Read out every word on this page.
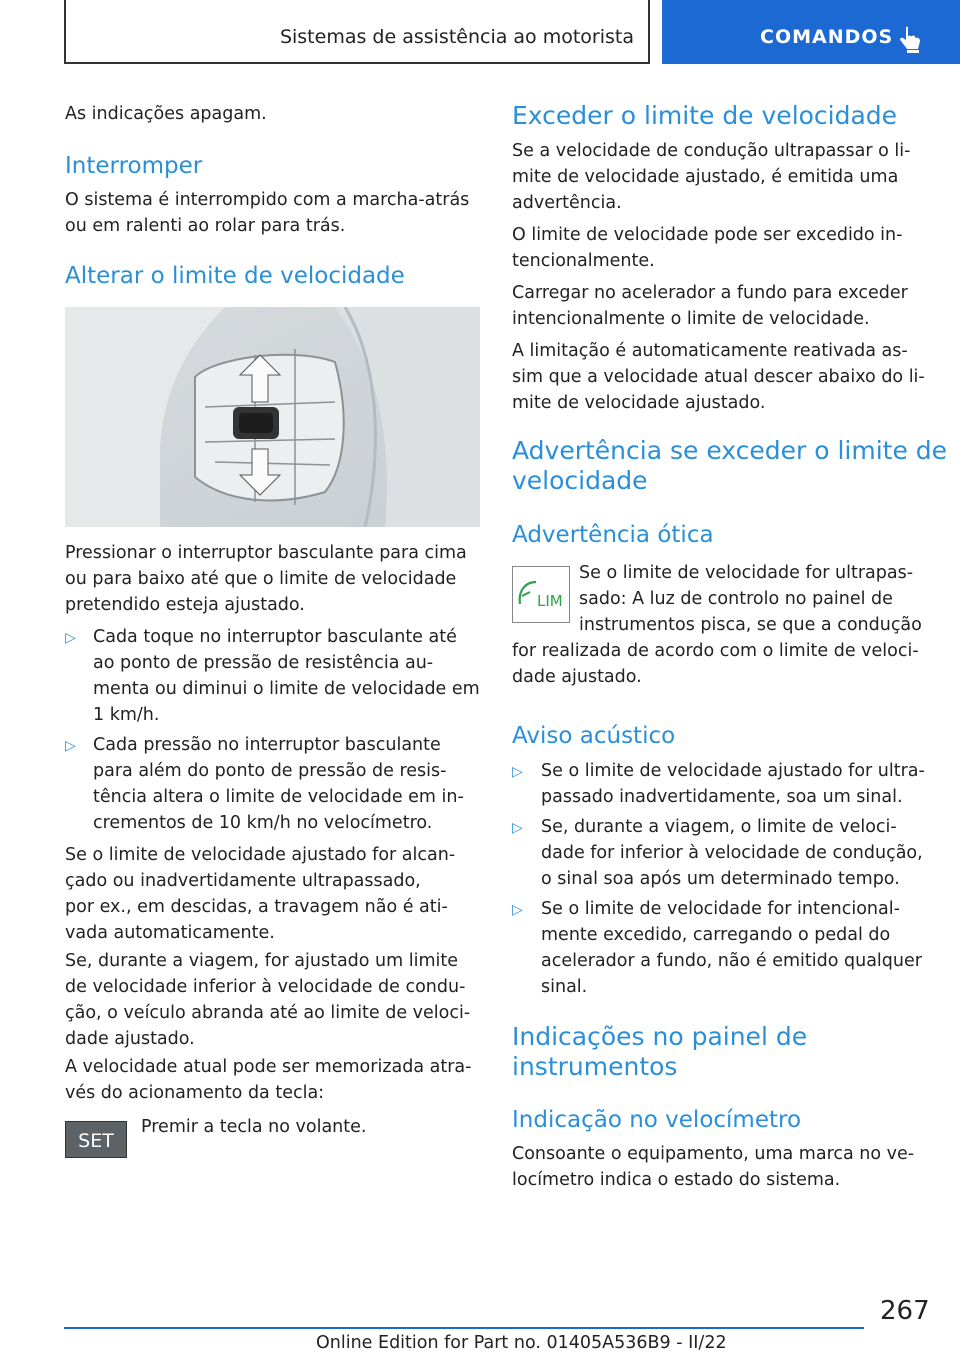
Sistemas de assistência ao motorista	COMANDOS
As indicações apagam.
Interromper
O sistema é interrompido com a marcha-atrás
ou em ralenti ao rolar para trás.
Alterar o limite de velocidade
Pressionar o interruptor basculante para cima
ou para baixo até que o limite de velocidade
pretendido esteja ajustado.
▷ Cada toque no interruptor basculante até
ao ponto de pressão de resistência au-
menta ou diminui o limite de velocidade em
1 km/h.
▷ Cada pressão no interruptor basculante
para além do ponto de pressão de resis-
tência altera o limite de velocidade em in-
crementos de 10 km/h no velocímetro.
Se o limite de velocidade ajustado for alcan-
çado ou inadvertidamente ultrapassado,
por ex., em descidas, a travagem não é ati-
vada automaticamente.
Se, durante a viagem, for ajustado um limite
de velocidade inferior à velocidade de condu-
ção, o veículo abranda até ao limite de veloci-
dade ajustado.
A velocidade atual pode ser memorizada atra-
vés do acionamento da tecla:
SET
Premir a tecla no volante.
Exceder o limite de velocidade
Se a velocidade de condução ultrapassar o li-
mite de velocidade ajustado, é emitida uma
advertência.
O limite de velocidade pode ser excedido in-
tencionalmente.
Carregar no acelerador a fundo para exceder
intencionalmente o limite de velocidade.
A limitação é automaticamente reativada as-
sim que a velocidade atual descer abaixo do li-
mite de velocidade ajustado.
Advertência se exceder o limite de
velocidade
Advertência ótica
LIM
Se o limite de velocidade for ultrapas-
sado: A luz de controlo no painel de
instrumentos pisca, se que a condução
for realizada de acordo com o limite de veloci-
dade ajustado.
Aviso acústico
▷ Se o limite de velocidade ajustado for ultra-
passado inadvertidamente, soa um sinal.
▷ Se, durante a viagem, o limite de veloci-
dade for inferior à velocidade de condução,
o sinal soa após um determinado tempo.
▷ Se o limite de velocidade for intencional-
mente excedido, carregando o pedal do
acelerador a fundo, não é emitido qualquer
sinal.
Indicações no painel de
instrumentos
Indicação no velocímetro
Consoante o equipamento, uma marca no ve-
locímetro indica o estado do sistema.
267
Online Edition for Part no. 01405A536B9 - II/22
